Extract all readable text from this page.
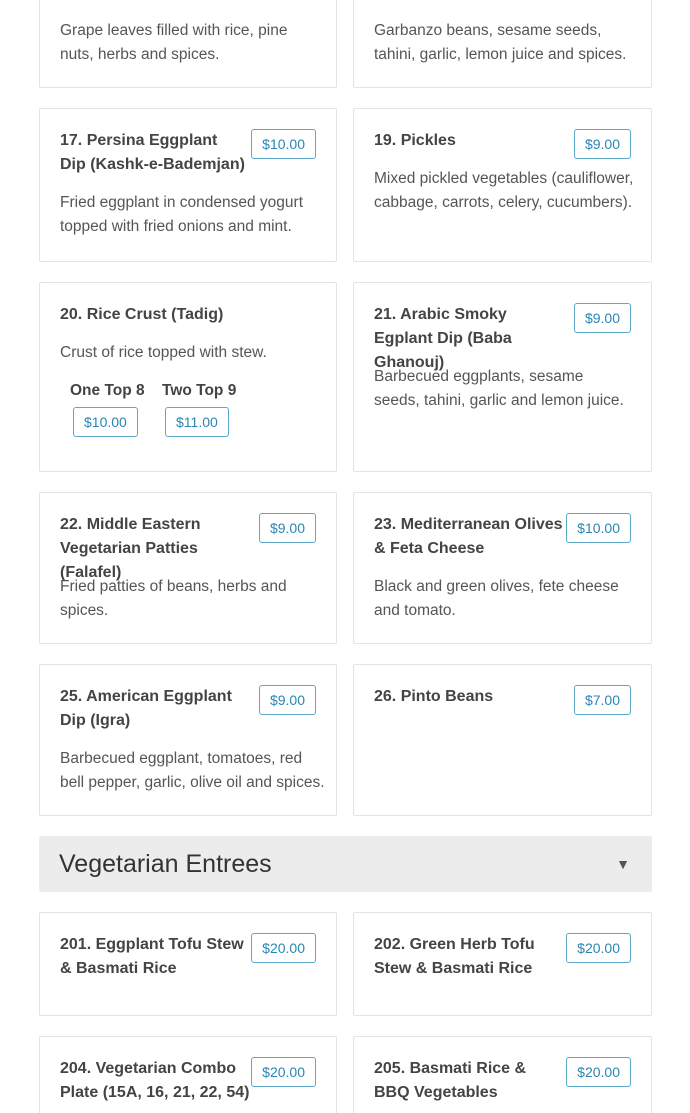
Grape leaves filled with rice, pine nuts, herbs and spices.
Garbanzo beans, sesame seeds, tahini, garlic, lemon juice and spices.
17. Persina Eggplant Dip (Kashk-e-Bademjan)
$10.00
Fried eggplant in condensed yogurt topped with fried onions and mint.
19. Pickles	$9.00
Mixed pickled vegetables (cauliflower, cabbage, carrots, celery, cucumbers).
20. Rice Crust (Tadig)
Crust of rice topped with stew.
One Top 8 Two Top 9
$10.00	$11.00
21. Arabic Smoky Egplant Dip (Baba Ghanouj)
$9.00
Barbecued eggplants, sesame seeds, tahini, garlic and lemon juice.
22. Middle Eastern Vegetarian Patties (Falafel)
$9.00
Fried patties of beans, herbs and spices.
23. Mediterranean Olives & Feta Cheese
$10.00
Black and green olives, fete cheese and tomato.
25. American Eggplant Dip (Igra)
$9.00
Barbecued eggplant, tomatoes, red bell pepper, garlic, olive oil and spices.
26. Pinto Beans	$7.00
Vegetarian Entrees	▼
201. Eggplant Tofu Stew & Basmati Rice
$20.00	202. Green Herb Tofu Stew & Basmati Rice
$20.00
204. Vegetarian Combo Plate (15A, 16, 21, 22, 54)
$20.00	205. Basmati Rice & BBQ Vegetables
$20.00
